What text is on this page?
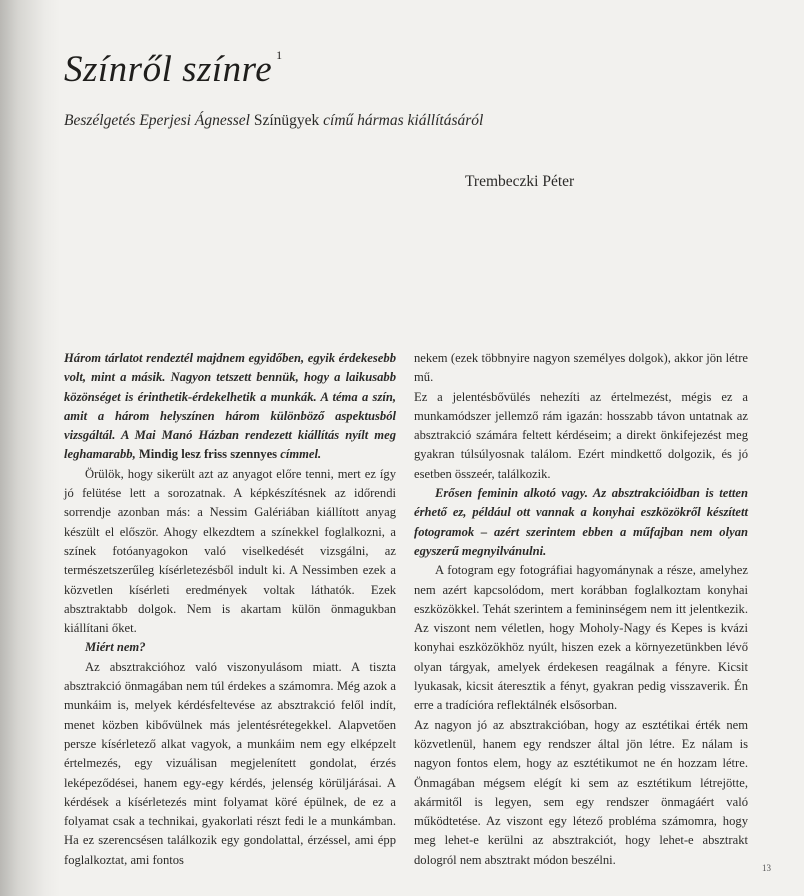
Színről színre $^1$
Beszélgetés Eperjesi Ágnessel Színügyek című hármas kiállításáról
Trembeczki Péter

Három tárlatot rendeztél majdnem egyidőben, egyik érdekesebb volt, mint a másik. Nagyon tetszett bennük, hogy a laikusabb közönséget is érinthetik-érdekelhetik a munkák. A téma a szín, amit a három helyszínen három különböző aspektusból vizsgáltál. A Mai Manó Házban rendezett kiállítás nyílt meg leghamarabb, Mindig lesz friss szennyes címmel.

Örülök, hogy sikerült azt az anyagot előre tenni, mert ez így jó felütése lett a sorozatnak. A képkészítésnek az időrendi sorrendje azonban más: a Nessim Galériában kiállított anyag készült el először. Ahogy elkezdtem a színekkel foglalkozni, a színek fotóanyagokon való viselkedését vizsgálni, az természetszerűleg kísérletezésből indult ki. A Nessimben ezek a közvetlen kísérleti eredmények voltak láthatók. Ezek absztraktabb dolgok. Nem is akartam külön önmagukban kiállítani őket.

Miért nem?

Az absztrakcióhoz való viszonyulásom miatt. A tiszta absztrakció önmagában nem túl érdekes a számomra. Még azok a munkáim is, melyek kérdésfeltevése az absztrakció felől indít, menet közben kibővülnek más jelentésrétegekkel. Alapvetően persze kísérletező alkat vagyok, a munkáim nem egy elképzelt értelmezés, egy vizuálisan megjelenített gondolat, érzés leképeződései, hanem egy-egy kérdés, jelenség körüljárásai. A kérdések a kísérletezés mint folyamat köré épülnek, de ez a folyamat csak a technikai, gyakorlati részt fedi le a munkámban. Ha ez szerencsésen találkozik egy gondolattal, érzéssel, ami épp foglalkoztat, ami fontos

nekem (ezek többnyire nagyon személyes dolgok), akkor jön létre mű.

Ez a jelentésbővülés nehezíti az értelmezést, mégis ez a munkamódszer jellemző rám igazán: hosszabb távon untatnak az absztrakció számára feltett kérdéseim; a direkt önkifejezést meg gyakran túlsúlyosnak találom. Ezért mindkettő dolgozik, és jó esetben összeér, találkozik.

Erősen feminin alkotó vagy. Az absztrakcióidban is tetten érhető ez, például ott vannak a konyhai eszközökről készített fotogramok – azért szerintem ebben a műfajban nem olyan egyszerű megnyilvánulni.

A fotogram egy fotográfiai hagyománynak a része, amelyhez nem azért kapcsolódom, mert korábban foglalkoztam konyhai eszközökkel. Tehát szerintem a femininségem nem itt jelentkezik. Az viszont nem véletlen, hogy Moholy-Nagy és Kepes is kvázi konyhai eszközökhöz nyúlt, hiszen ezek a környezetünkben lévő olyan tárgyak, amelyek érdekesen reagálnak a fényre. Kicsit lyukasak, kicsit áteresztik a fényt, gyakran pedig visszaverik. Én erre a tradícióra reflektálnék elsősorban.

Az nagyon jó az absztrakcióban, hogy az esztétikai érték nem közvetlenül, hanem egy rendszer által jön létre. Ez nálam is nagyon fontos elem, hogy az esztétikumot ne én hozzam létre. Önmagában mégsem elégít ki sem az esztétikum létrejötte, akármitől is legyen, sem egy rendszer önmagáért való működtetése. Az viszont egy létező probléma számomra, hogy meg lehet-e kerülni az absztrakciót, hogy lehet-e absztrakt dologról nem absztrakt módon beszélni.

13
